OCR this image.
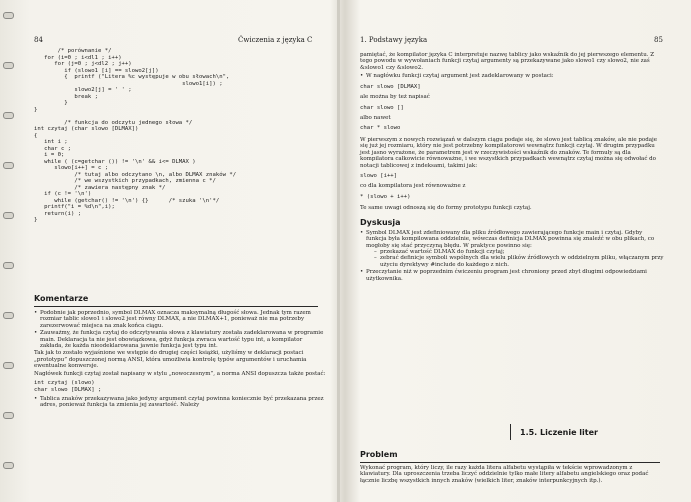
84	Ćwiczenia z języka C
/* porównanie */
for (i=0 ; i<dl1 ; i++)
for (j=0 ; j<dl2 ; j++)
if (slowo1 [i] == slowo2[j])
{  printf ("Litera %c występuje w obu słowach\n",
slowo1[i]) ;
slowo2[j] = ' ' ;
break ;
}
}

/* funkcja do odczytu jednego słowa */
int czytaj (char slowo [DLMAX])
{
int i ;
char c ;
i = 0;
while ( (c=getchar ()) != '\n' && i<= DLMAX )
slowo[i++] = c ;
/* tutaj albo odczytano \n, albo DLMAX znaków */
/* we wszystkich przypadkach, zmienna c */
/* zawiera następny znak */
if (c != '\n')
while (getchar() != '\n') {}      /* szuka '\n'*/
printf("i = %d\n",i);
return(i) ;
}
Komentarze
• Podobnie jak poprzednio, symbol DLMAX oznacza maksymalną długość słowa. Jednak tym razem rozmiar tablic slowo1 i slowo2 jest równy DLMAX, a nie DLMAX+1, ponieważ nie ma potrzeby zarezerwować miejsca na znak końca ciągu.
• Zauważmy, że funkcja czytaj do odczytywania słowa z klawiatury została zadeklarowana w programie main. Deklaracja ta nie jest obowiązkowa, gdyż funkcja zwraca wartość typu int, a kompilator zakłada, że każda nieodeklarowana jawnie funkcja jest typu int.

Tak jak to zostało wyjaśnione we wstępie do drugiej części książki, użyliśmy w deklaracji postaci „prototypu” dopuszczonej normą ANSI, która umożliwia kontrolę typów argumentów i uruchamia ewentualne konwersje.

Nagłówek funkcji czytaj został napisany w stylu „nowoczesnym”, a norma ANSI dopuszcza także postać:

int czytaj (slowo)
char slowo [DLMAX] ;
• Tablica znaków przekazywana jako jedyny argument czytaj powinna koniecznie być przekazana przez adres, ponieważ funkcja ta zmienia jej zawartość. Należy
1. Podstawy języka	85

pamiętać, że kompilator języka C interpretuje nazwę tablicy jako wskaźnik do jej pierwszego elementu. Z tego powodu w wywołaniach funkcji czytaj argumenty są przekazywane jako slowo1 czy slowo2, nie zaś &slowo1 czy &slowo2.

• W nagłówku funkcji czytaj argument jest zadeklarowany w postaci:
char slowo [DLMAX]

ale można by też napisać

char slowo []

albo nawet

char * slowo

W pierwszym z nowych rozwiązań w dalszym ciągu podaje się, że slowo jest tablicą znaków, ale nie podaje się już jej rozmiaru, który nie jest potrzebny kompilatorowi wewnątrz funkcji czytaj. W drugim przypadku jest jasno wyrażone, że parametrem jest w rzeczywistości wskaźnik do znaków. Te formuły są dla kompilatora całkowicie równoważne, i we wszystkich przypadkach wewnątrz czytaj można się odwołać do notacji tablicowej z indeksami, takimi jak:

slowo [i++]

co dla kompilatora jest równoważne z

* (slowo + i++)

Te same uwagi odnoszą się do formy prototypu funkcji czytaj.

Dyskusja
• Symbol DLMAX jest zdefiniowany dla pliku źródłowego zawierającego funkcje main i czytaj. Gdyby funkcja była kompilowana oddzielnie, wówczas definicja DLMAX powinna się znaleźć w obu plikach, co mogłoby się stać przyczyną błędu. W praktyce powinno się:
– przekazać wartość DLMAX do funkcji czytaj;
– zebrać definicje symboli wspólnych dla wielu plików źródłowych w oddzielnym pliku, włączanym przy użyciu dyrektywy #include do każdego z nich.
• Przeczytanie niż w poprzednim ćwiczeniu program jest chroniony przed zbyt długimi odpowiedziami użytkownika.
1.5. Liczenie liter
Problem

Wykonać program, który liczy, ile razy każda litera alfabetu wystąpiła w tekście wprowadzonym z klawiatury. Dla uproszczenia trzeba liczyć oddzielnie tylko małe litery alfabetu angielskiego oraz podać łącznie liczbę wszystkich innych znaków (wielkich liter, znaków interpunkcyjnych itp.).
